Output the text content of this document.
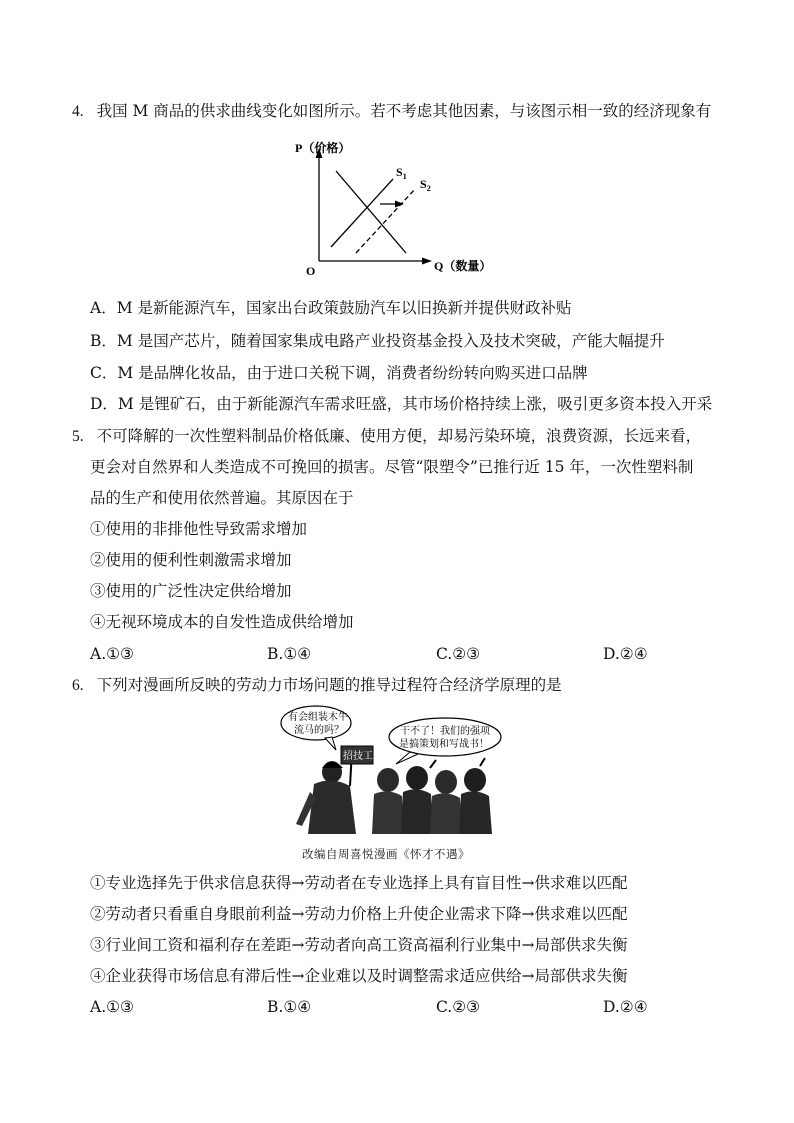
4. 我国 M 商品的供求曲线变化如图所示。若不考虑其他因素，与该图示相一致的经济现象有
P（价格）
Q（数量）
O
$S_1$
$S_2$
A．M 是新能源汽车，国家出台政策鼓励汽车以旧换新并提供财政补贴
B．M 是国产芯片，随着国家集成电路产业投资基金投入及技术突破，产能大幅提升
C．M 是品牌化妆品，由于进口关税下调，消费者纷纷转向购买进口品牌
D．M 是锂矿石，由于新能源汽车需求旺盛，其市场价格持续上涨，吸引更多资本投入开采
5. 不可降解的一次性塑料制品价格低廉、使用方便，却易污染环境，浪费资源，长远来看，
更会对自然界和人类造成不可挽回的损害。尽管“限塑令”已推行近 15 年，一次性塑料制
品的生产和使用依然普遍。其原因在于
①使用的非排他性导致需求增加
②使用的便利性刺激需求增加
③使用的广泛性决定供给增加
④无视环境成本的自发性造成供给增加
A.①③	B.①④	C.②③	D.②④
6. 下列对漫画所反映的劳动力市场问题的推导过程符合经济学原理的是
有会组装木牛
流马的吗？	干不了！我们的强项
是搞策划和写战书！
招技工
改编自周喜悦漫画《怀才不遇》
①专业选择先于供求信息获得→劳动者在专业选择上具有盲目性→供求难以匹配
②劳动者只看重自身眼前利益→劳动力价格上升使企业需求下降→供求难以匹配
③行业间工资和福利存在差距→劳动者向高工资高福利行业集中→局部供求失衡
④企业获得市场信息有滞后性→企业难以及时调整需求适应供给→局部供求失衡
A.①③	B.①④	C.②③	D.②④
